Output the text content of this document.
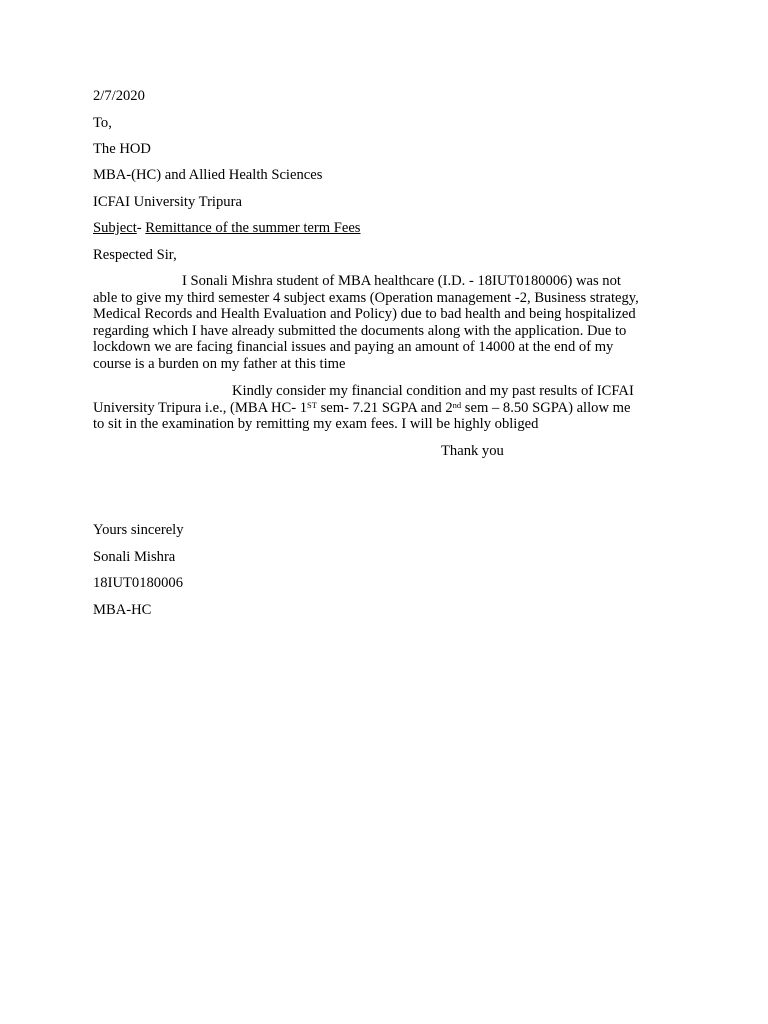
2/7/2020
To,
The HOD
MBA-(HC) and Allied Health Sciences
ICFAI University Tripura
Subject- Remittance of the summer term Fees
Respected Sir,
I Sonali Mishra student of MBA healthcare (I.D. - 18IUT0180006) was not
able to give my third semester 4 subject exams (Operation management -2, Business strategy,
Medical Records and Health Evaluation and Policy) due to bad health and being hospitalized
regarding which I have already submitted the documents along with the application. Due to
lockdown we are facing financial issues and paying an amount of 14000 at the end of my
course is a burden on my father at this time
Kindly consider my financial condition and my past results of ICFAI
University Tripura i.e., (MBA HC- 1ST sem- 7.21 SGPA and 2nd sem – 8.50 SGPA) allow me
to sit in the examination by remitting my exam fees. I will be highly obliged
Thank you
Yours sincerely
Sonali Mishra
18IUT0180006
MBA-HC
